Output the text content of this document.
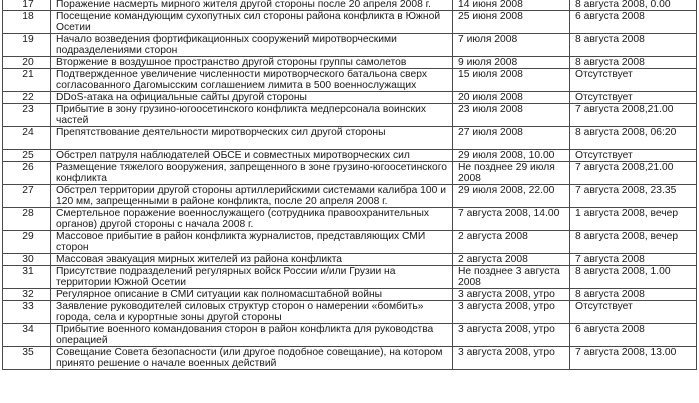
17	Поражение насмерть мирного жителя другой стороны после 20 апреля 2008 г.	14 июня 2008	8 августа 2008, 0.00
18	Посещение командующим сухопутных сил стороны района конфликта в Южной Осетии	25 июня 2008	6 августа 2008
19	Начало возведения фортификационных сооружений миротворческими подразделениями сторон	7 июля 2008	8 августа 2008
20	Вторжение в воздушное пространство другой стороны группы самолетов	9 июля 2008	8 августа 2008
21	Подтвержденное увеличение численности миротворческого батальона сверх согласованного Дагомысским соглашением лимита в 500 военнослужащих	15 июля 2008	Отсутствует
22	DDoS-атака на официальные сайты другой стороны	20 июля 2008	Отсутствует
23	Прибытие в зону грузино-югоосетинского конфликта медперсонала воинских частей	23 июля 2008	7 августа 2008,21.00
24	Препятствование деятельности миротворческих сил другой стороны	27 июля 2008	8 августа 2008, 06:20
25	Обстрел патруля наблюдателей ОБСЕ и совместных миротворческих сил	29 июля 2008, 10.00	Отсутствует
26	Размещение тяжелого вооружения, запрещенного в зоне грузино-югоосетинского конфликта	Не позднее 29 июля 2008	7 августа 2008,21.00
27	Обстрел территории другой стороны артиллерийскими системами калибра 100 и 120 мм, запрещенными в районе конфликта, после 20 апреля 2008 г.	29 июля 2008, 22.00	7 августа 2008, 23.35
28	Смертельное поражение военнослужащего (сотрудника правоохранительных органов) другой стороны с начала 2008 г.	7 августа 2008, 14.00	1 августа 2008, вечер
29	Массовое прибытие в район конфликта журналистов, представляющих СМИ сторон	2 августа 2008	8 августа 2008, вечер
30	Массовая эвакуация мирных жителей из района конфликта	2 августа 2008	7 августа 2008
31	Присутствие подразделений регулярных войск России и/или Грузии на территории Южной Осетии	Не позднее 3 августа 2008	8 августа 2008, 1.00
32	Регулярное описание в СМИ ситуации как полномасштабной войны	3 августа 2008, утро	8 августа 2008
33	Заявление руководителей силовых структур сторон о намерении «бомбить» города, села и курортные зоны другой стороны	3 августа 2008, утро	Отсутствует
34	Прибытие военного командования сторон в район конфликта для руководства операцией	3 августа 2008, утро	6 августа 2008
35	Совещание Совета безопасности (или другое подобное совещание), на котором принято решение о начале военных действий	3 августа 2008, утро	7 августа 2008, 13.00
